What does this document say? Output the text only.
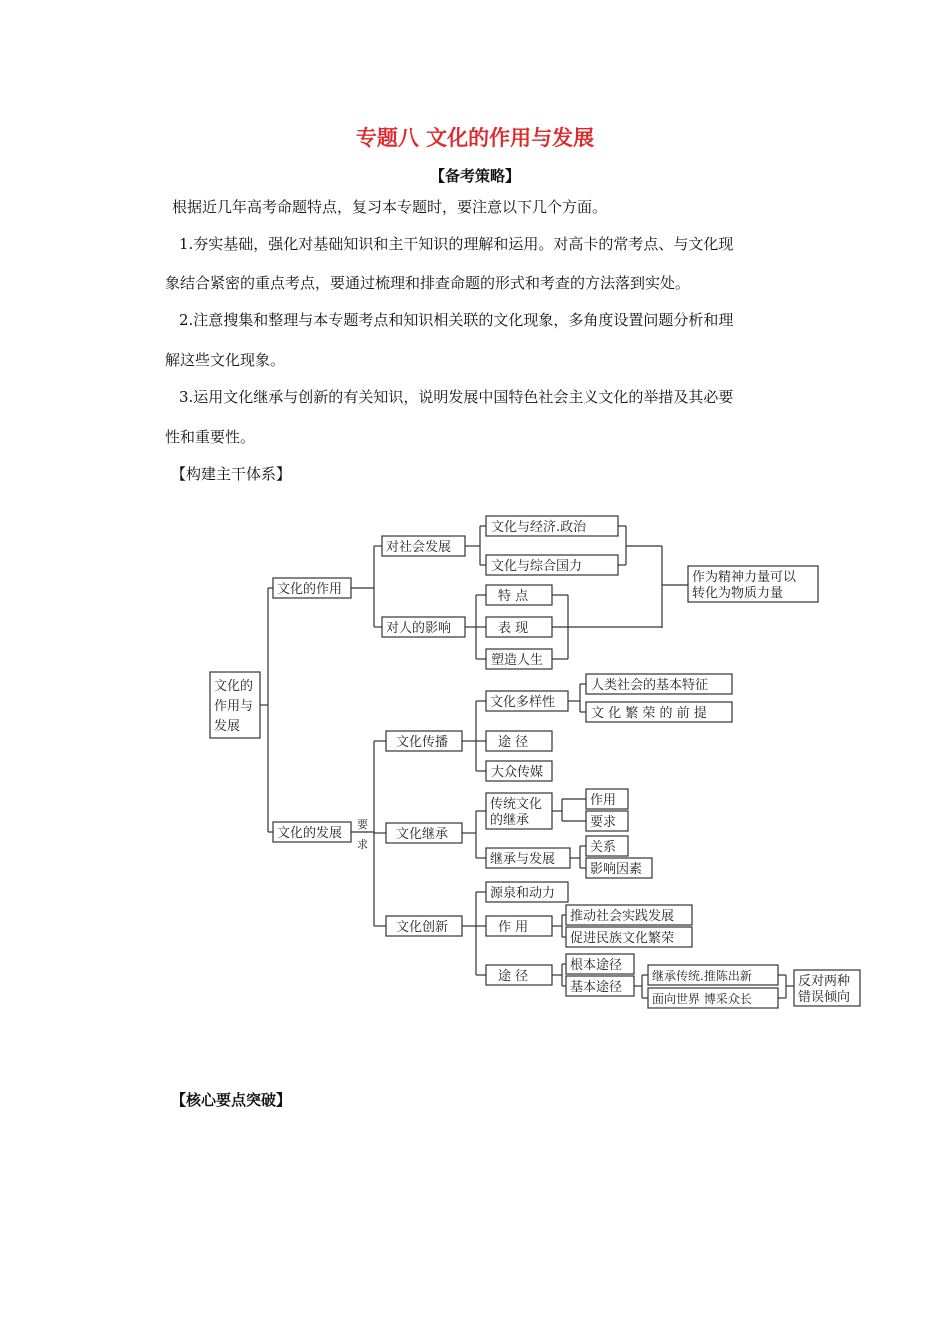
专题八 文化的作用与发展
【备考策略】
根据近几年高考命题特点，复习本专题时，要注意以下几个方面。
1.夯实基础，强化对基础知识和主干知识的理解和运用。对高卡的常考点、与文化现
象结合紧密的重点考点，要通过梳理和排查命题的形式和考查的方法落到实处。
2.注意搜集和整理与本专题考点和知识相关联的文化现象，多角度设置问题分析和理
解这些文化现象。
3.运用文化继承与创新的有关知识，说明发展中国特色社会主义文化的举措及其必要
性和重要性。
【构建主干体系】
文化的
作用与
发展
文化的作用
对社会发展
文化与经济.政治
文化与综合国力
作为精神力量可以
转化为物质力量
对人的影响
特 点
表 现
塑造人生
文化的发展
要
求
文化传播
文化多样性
人类社会的基本特征
文 化 繁 荣 的 前 提
途 径
大众传媒
文化继承
传统文化
的继承
作用
要求
继承与发展
关系
影响因素
文化创新
源泉和动力
作 用
推动社会实践发展
促进民族文化繁荣
途 径
根本途径
基本途径
继承传统.推陈出新
面向世界 博采众长
反对两种
错误倾向
【核心要点突破】
